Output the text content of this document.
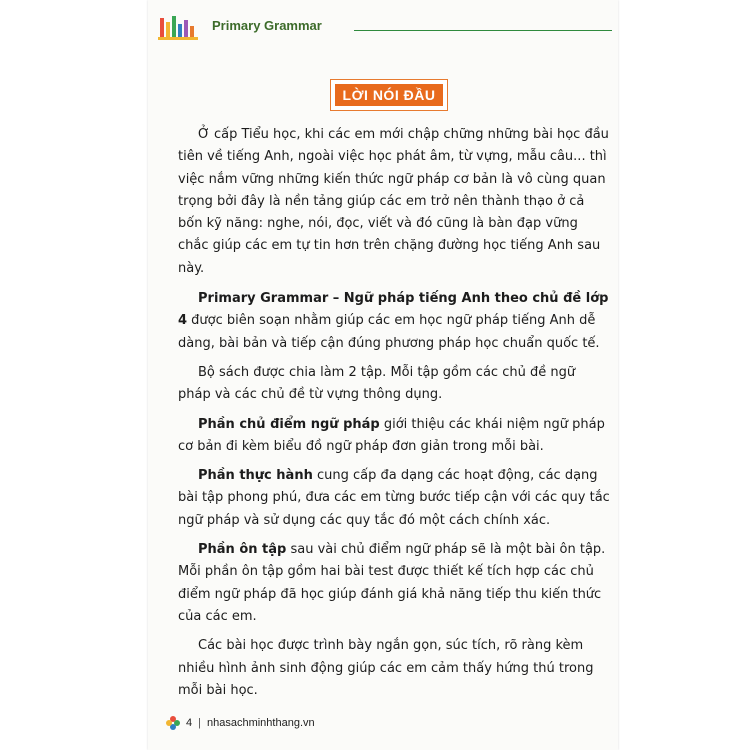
Primary Grammar
LỜI NÓI ĐẦU

Ở cấp Tiểu học, khi các em mới chập chững những bài học đầu tiên về tiếng Anh, ngoài việc học phát âm, từ vựng, mẫu câu... thì việc nắm vững những kiến thức ngữ pháp cơ bản là vô cùng quan trọng bởi đây là nền tảng giúp các em trở nên thành thạo ở cả bốn kỹ năng: nghe, nói, đọc, viết và đó cũng là bàn đạp vững chắc giúp các em tự tin hơn trên chặng đường học tiếng Anh sau này.

Primary Grammar – Ngữ pháp tiếng Anh theo chủ đề lớp 4 được biên soạn nhằm giúp các em học ngữ pháp tiếng Anh dễ dàng, bài bản và tiếp cận đúng phương pháp học chuẩn quốc tế.

Bộ sách được chia làm 2 tập. Mỗi tập gồm các chủ đề ngữ pháp và các chủ đề từ vựng thông dụng.

Phần chủ điểm ngữ pháp giới thiệu các khái niệm ngữ pháp cơ bản đi kèm biểu đồ ngữ pháp đơn giản trong mỗi bài.

Phần thực hành cung cấp đa dạng các hoạt động, các dạng bài tập phong phú, đưa các em từng bước tiếp cận với các quy tắc ngữ pháp và sử dụng các quy tắc đó một cách chính xác.

Phần ôn tập sau vài chủ điểm ngữ pháp sẽ là một bài ôn tập. Mỗi phần ôn tập gồm hai bài test được thiết kế tích hợp các chủ điểm ngữ pháp đã học giúp đánh giá khả năng tiếp thu kiến thức của các em.

Các bài học được trình bày ngắn gọn, súc tích, rõ ràng kèm nhiều hình ảnh sinh động giúp các em cảm thấy hứng thú trong mỗi bài học.

4 | nhasachminhthang.vn
